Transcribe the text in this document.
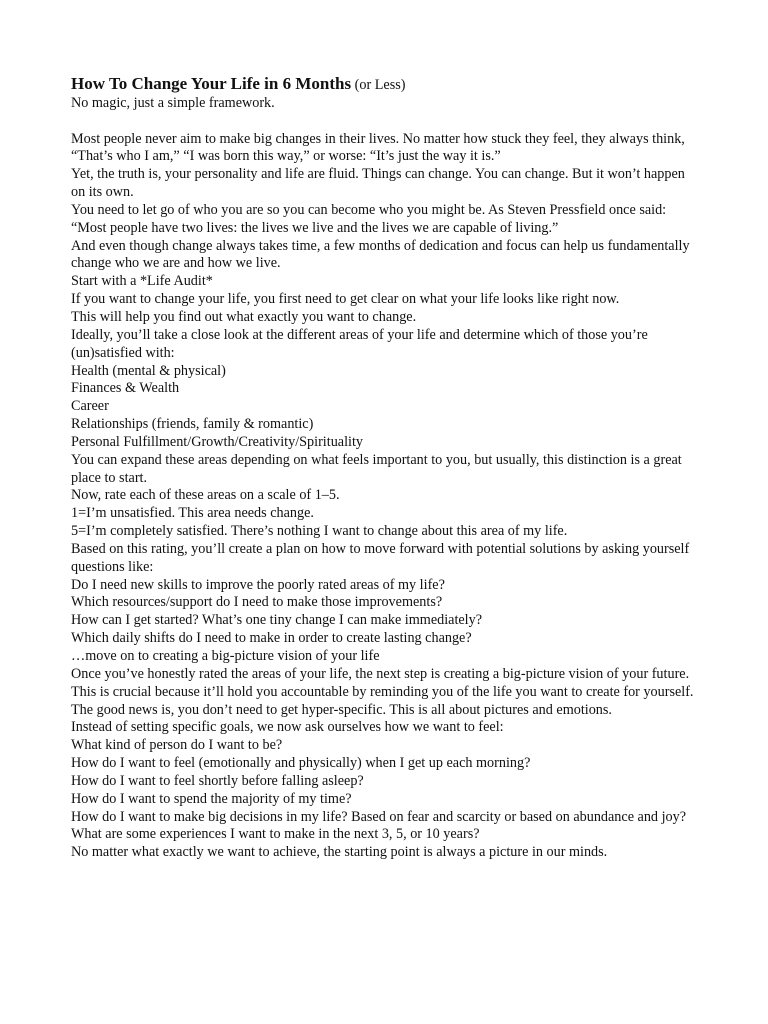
How To Change Your Life in 6 Months (or Less)
No magic, just a simple framework.
Most people never aim to make big changes in their lives. No matter how stuck they feel, they always think, “That’s who I am,” “I was born this way,” or worse: “It’s just the way it is.”
Yet, the truth is, your personality and life are fluid. Things can change. You can change. But it won’t happen on its own.
You need to let go of who you are so you can become who you might be. As Steven Pressfield once said:
“Most people have two lives: the lives we live and the lives we are capable of living.”
And even though change always takes time, a few months of dedication and focus can help us fundamentally change who we are and how we live.
Start with a *Life Audit*
If you want to change your life, you first need to get clear on what your life looks like right now.
This will help you find out what exactly you want to change.
Ideally, you’ll take a close look at the different areas of your life and determine which of those you’re (un)satisfied with:
Health (mental & physical)
Finances & Wealth
Career
Relationships (friends, family & romantic)
Personal Fulfillment/Growth/Creativity/Spirituality
You can expand these areas depending on what feels important to you, but usually, this distinction is a great place to start.
Now, rate each of these areas on a scale of 1–5.
1=I’m unsatisfied. This area needs change.
5=I’m completely satisfied. There’s nothing I want to change about this area of my life.
Based on this rating, you’ll create a plan on how to move forward with potential solutions by asking yourself questions like:
Do I need new skills to improve the poorly rated areas of my life?
Which resources/support do I need to make those improvements?
How can I get started? What’s one tiny change I can make immediately?
Which daily shifts do I need to make in order to create lasting change?
…move on to creating a big-picture vision of your life
Once you’ve honestly rated the areas of your life, the next step is creating a big-picture vision of your future.
This is crucial because it’ll hold you accountable by reminding you of the life you want to create for yourself.
The good news is, you don’t need to get hyper-specific. This is all about pictures and emotions.
Instead of setting specific goals, we now ask ourselves how we want to feel:
What kind of person do I want to be?
How do I want to feel (emotionally and physically) when I get up each morning?
How do I want to feel shortly before falling asleep?
How do I want to spend the majority of my time?
How do I want to make big decisions in my life? Based on fear and scarcity or based on abundance and joy?
What are some experiences I want to make in the next 3, 5, or 10 years?
No matter what exactly we want to achieve, the starting point is always a picture in our minds.
